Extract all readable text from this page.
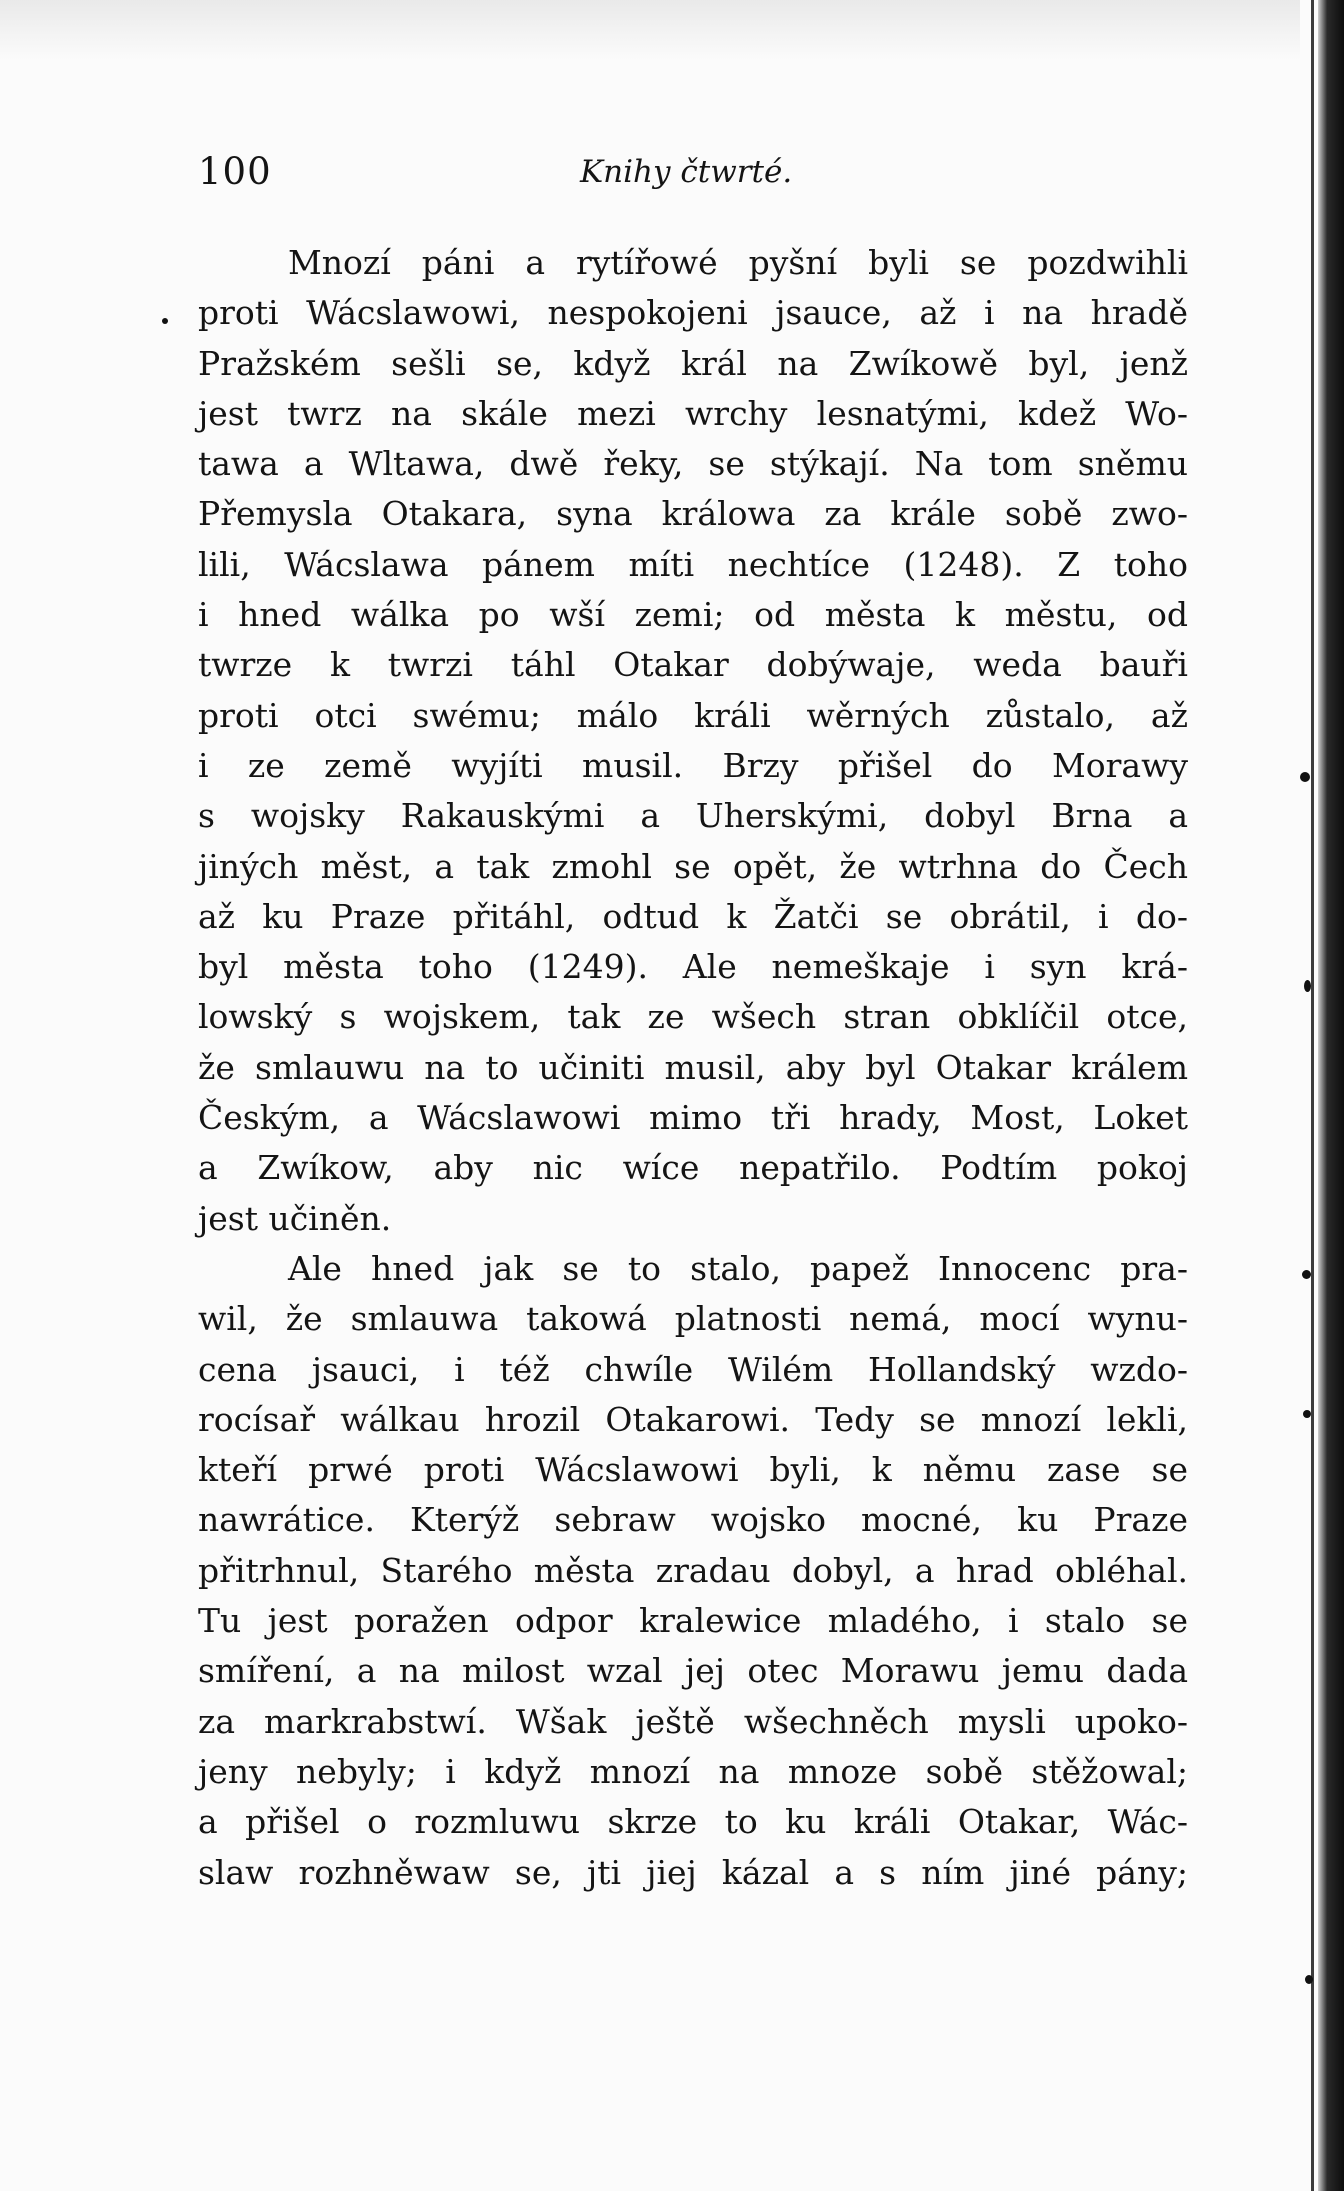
100	Knihy čtwrté.
Mnozí páni a rytířowé pyšní byli se pozdwihli
proti Wácslawowi, nespokojeni jsauce, až i na hradě
Pražském sešli se, když král na Zwíkowě byl, jenž
jest twrz na skále mezi wrchy lesnatými, kdež Wo-
tawa a Wltawa, dwě řeky, se stýkají. Na tom sněmu
Přemysla Otakara, syna králowa za krále sobě zwo-
lili, Wácslawa pánem míti nechtíce (1248). Z toho
i hned wálka po wší zemi; od města k městu, od
twrze k twrzi táhl Otakar dobýwaje, weda bauři
proti otci swému; málo králi wěrných zůstalo, až
i ze země wyjíti musil. Brzy přišel do Morawy
s wojsky Rakauskými a Uherskými, dobyl Brna a
jiných měst, a tak zmohl se opět, že wtrhna do Čech
až ku Praze přitáhl, odtud k Žatči se obrátil, i do-
byl města toho (1249). Ale nemeškaje i syn krá-
lowský s wojskem, tak ze wšech stran obklíčil otce,
že smlauwu na to učiniti musil, aby byl Otakar králem
Českým, a Wácslawowi mimo tři hrady, Most, Loket
a Zwíkow, aby nic wíce nepatřilo. Podtím pokoj
jest učiněn.
Ale hned jak se to stalo, papež Innocenc pra-
wil, že smlauwa takowá platnosti nemá, mocí wynu-
cena jsauci, i též chwíle Wilém Hollandský wzdo-
rocísař wálkau hrozil Otakarowi. Tedy se mnozí lekli,
kteří prwé proti Wácslawowi byli, k němu zase se
nawrátice. Kterýž sebraw wojsko mocné, ku Praze
přitrhnul, Starého města zradau dobyl, a hrad obléhal.
Tu jest poražen odpor kralewice mladého, i stalo se
smíření, a na milost wzal jej otec Morawu jemu dada
za markrabstwí. Wšak ještě wšechněch mysli upoko-
jeny nebyly; i když mnozí na mnoze sobě stěžowal;
a přišel o rozmluwu skrze to ku králi Otakar, Wác-
slaw rozhněwaw se, jti jiej kázal a s ním jiné pány;
